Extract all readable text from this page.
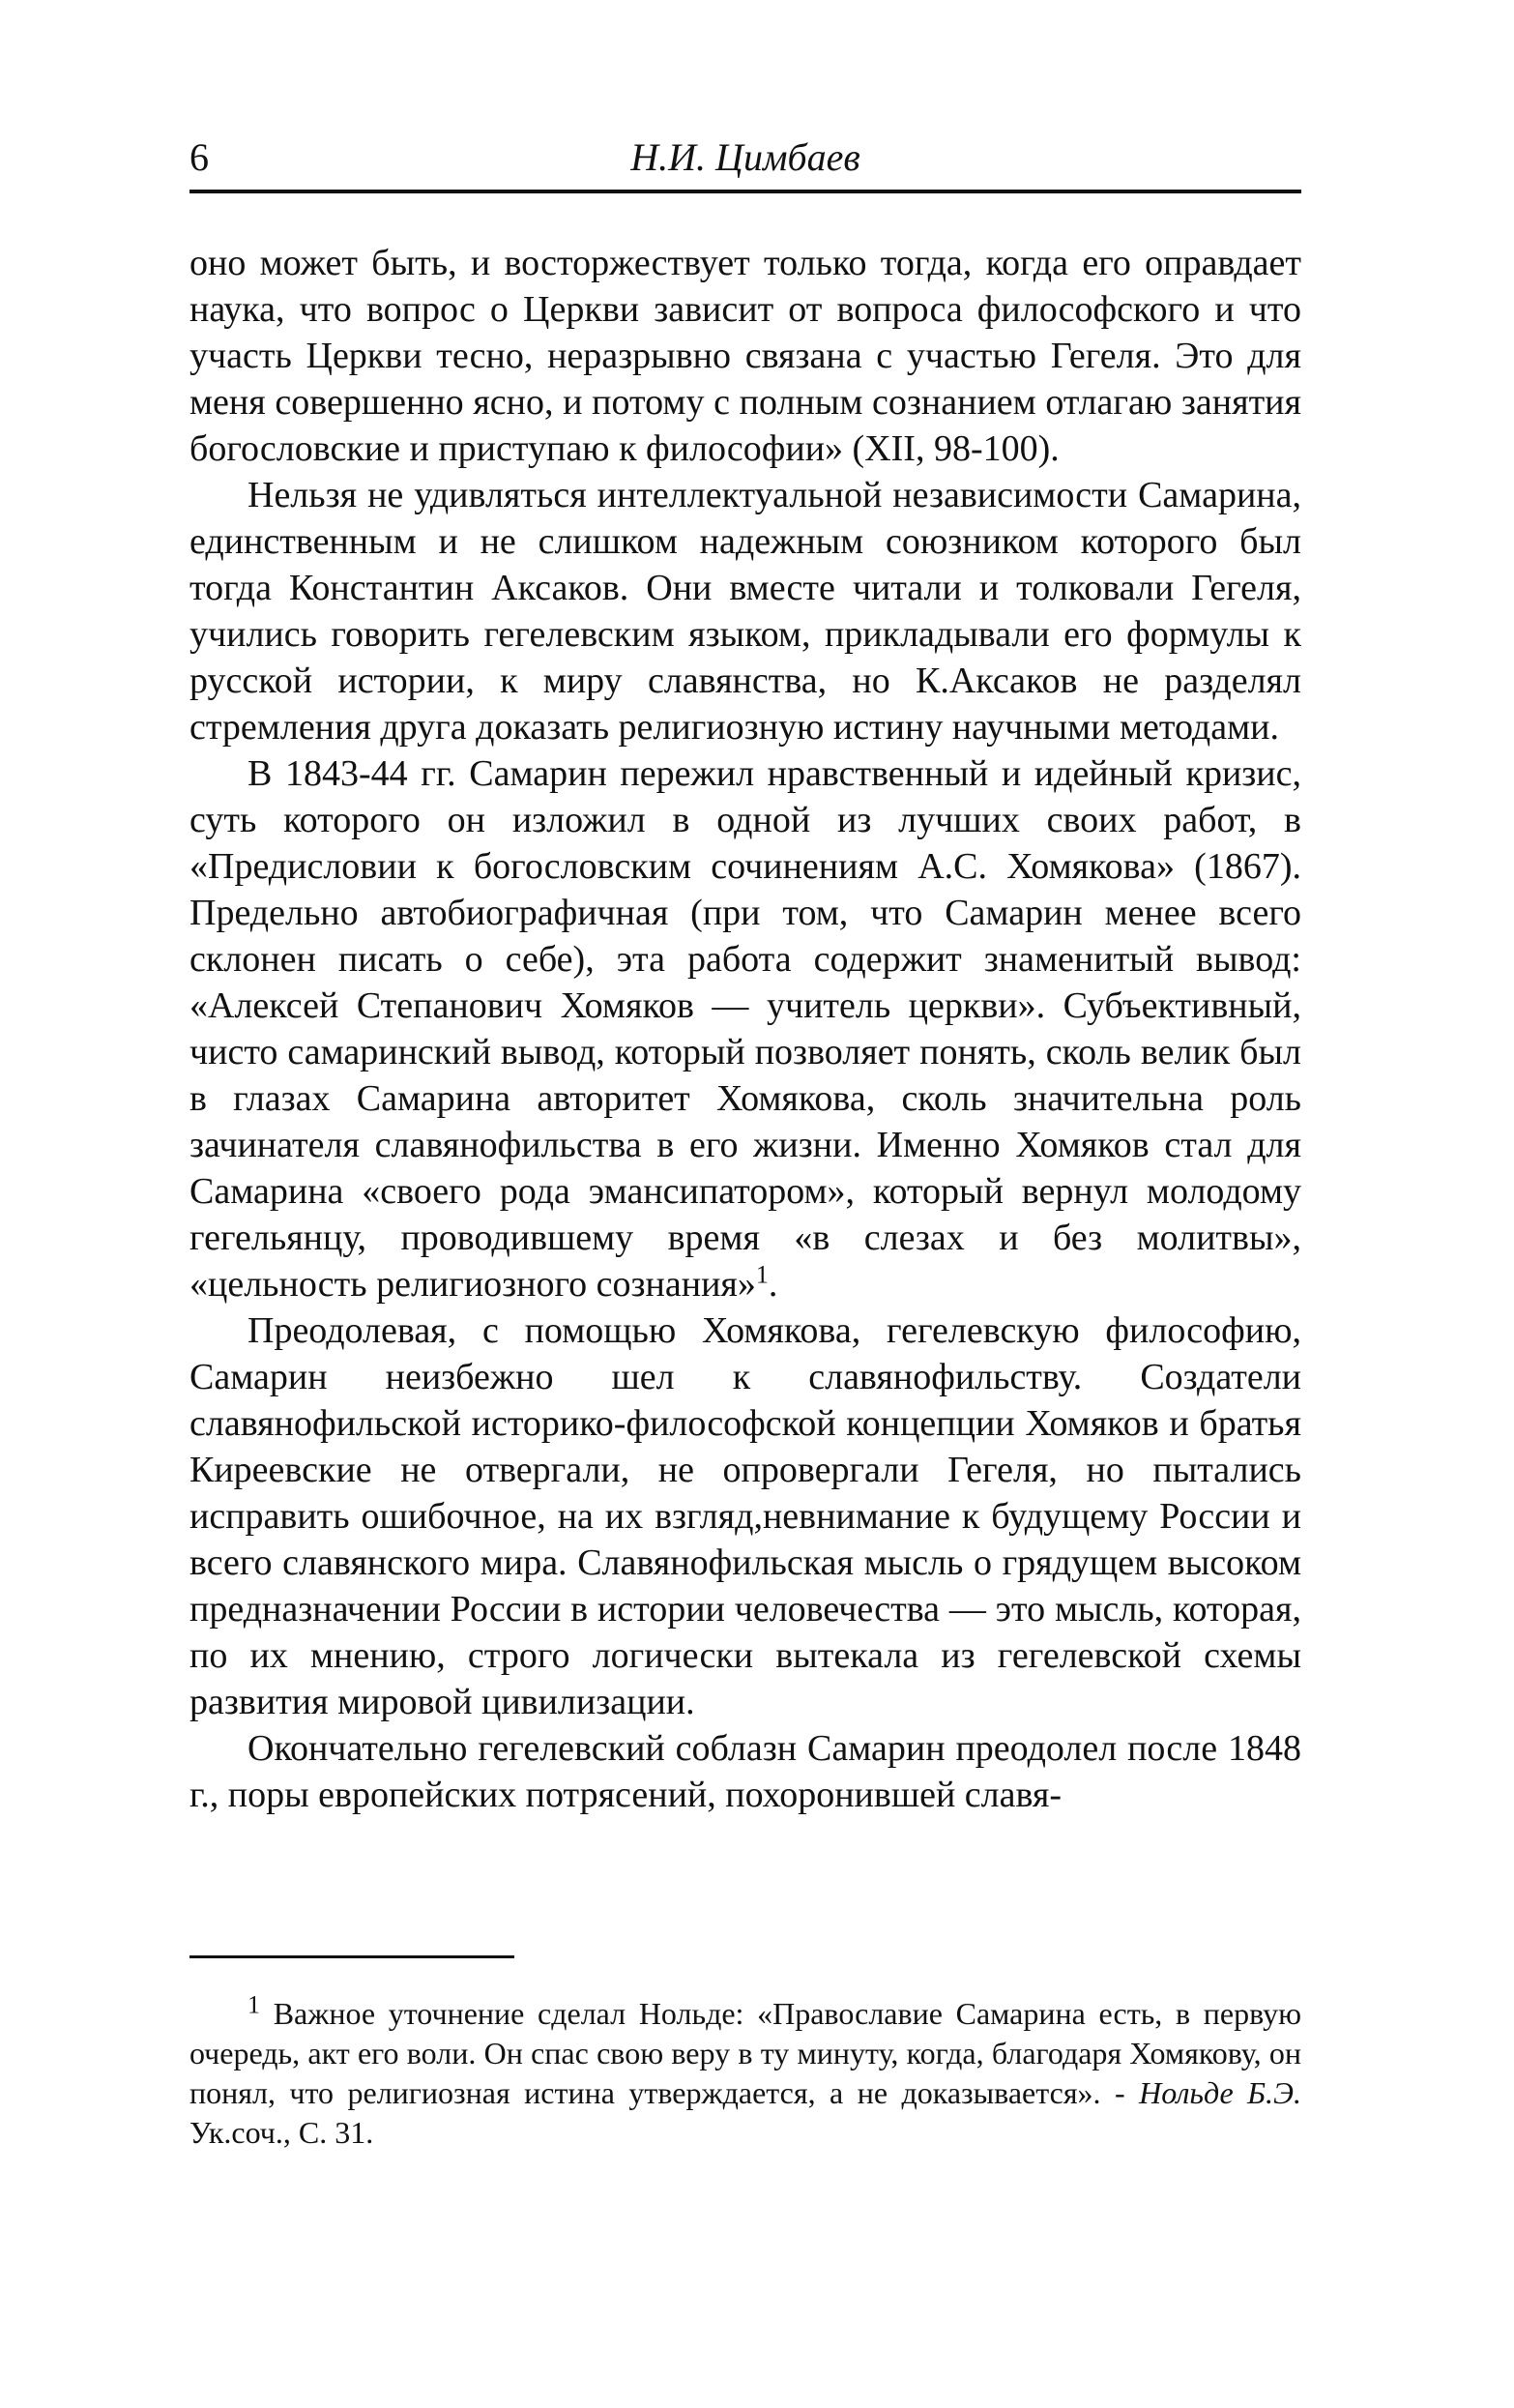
6	Н.И. Цимбаев

оно может быть, и восторжествует только тогда, когда его оправдает наука, что вопрос о Церкви зависит от вопроса философского и что участь Церкви тесно, неразрывно связана с участью Гегеля. Это для меня совершенно ясно, и потому с полным сознанием отлагаю занятия богословские и приступаю к философии» (XII, 98-100).

Нельзя не удивляться интеллектуальной независимости Самарина, единственным и не слишком надежным союзником которого был тогда Константин Аксаков. Они вместе читали и толковали Гегеля, учились говорить гегелевским языком, прикладывали его формулы к русской истории, к миру славянства, но К.Аксаков не разделял стремления друга доказать религиозную истину научными методами.

В 1843-44 гг. Самарин пережил нравственный и идейный кризис, суть которого он изложил в одной из лучших своих работ, в «Предисловии к богословским сочинениям А.С. Хомякова» (1867). Предельно автобиографичная (при том, что Самарин менее всего склонен писать о себе), эта работа содержит знаменитый вывод: «Алексей Степанович Хомяков — учитель церкви». Субъективный, чисто самаринский вывод, который позволяет понять, сколь велик был в глазах Самарина авторитет Хомякова, сколь значительна роль зачинателя славянофильства в его жизни. Именно Хомяков стал для Самарина «своего рода эмансипатором», который вернул молодому гегельянцу, проводившему время «в слезах и без молитвы», «цельность религиозного сознания»$^1$.

Преодолевая, с помощью Хомякова, гегелевскую философию, Самарин неизбежно шел к славянофильству. Создатели славянофильской историко-философской концепции Хомяков и братья Киреевские не отвергали, не опровергали Гегеля, но пытались исправить ошибочное, на их взгляд,невнимание к будущему России и всего славянского мира. Славянофильская мысль о грядущем высоком предназначении России в истории человечества — это мысль, которая, по их мнению, строго логически вытекала из гегелевской схемы развития мировой цивилизации.

Окончательно гегелевский соблазн Самарин преодолел после 1848 г., поры европейских потрясений, похоронившей славя-

$^1$ Важное уточнение сделал Нольде: «Православие Самарина есть, в первую очередь, акт его воли. Он спас свою веру в ту минуту, когда, благодаря Хомякову, он понял, что религиозная истина утверждается, а не доказывается». - Нольде Б.Э. Ук.соч., С. 31.
